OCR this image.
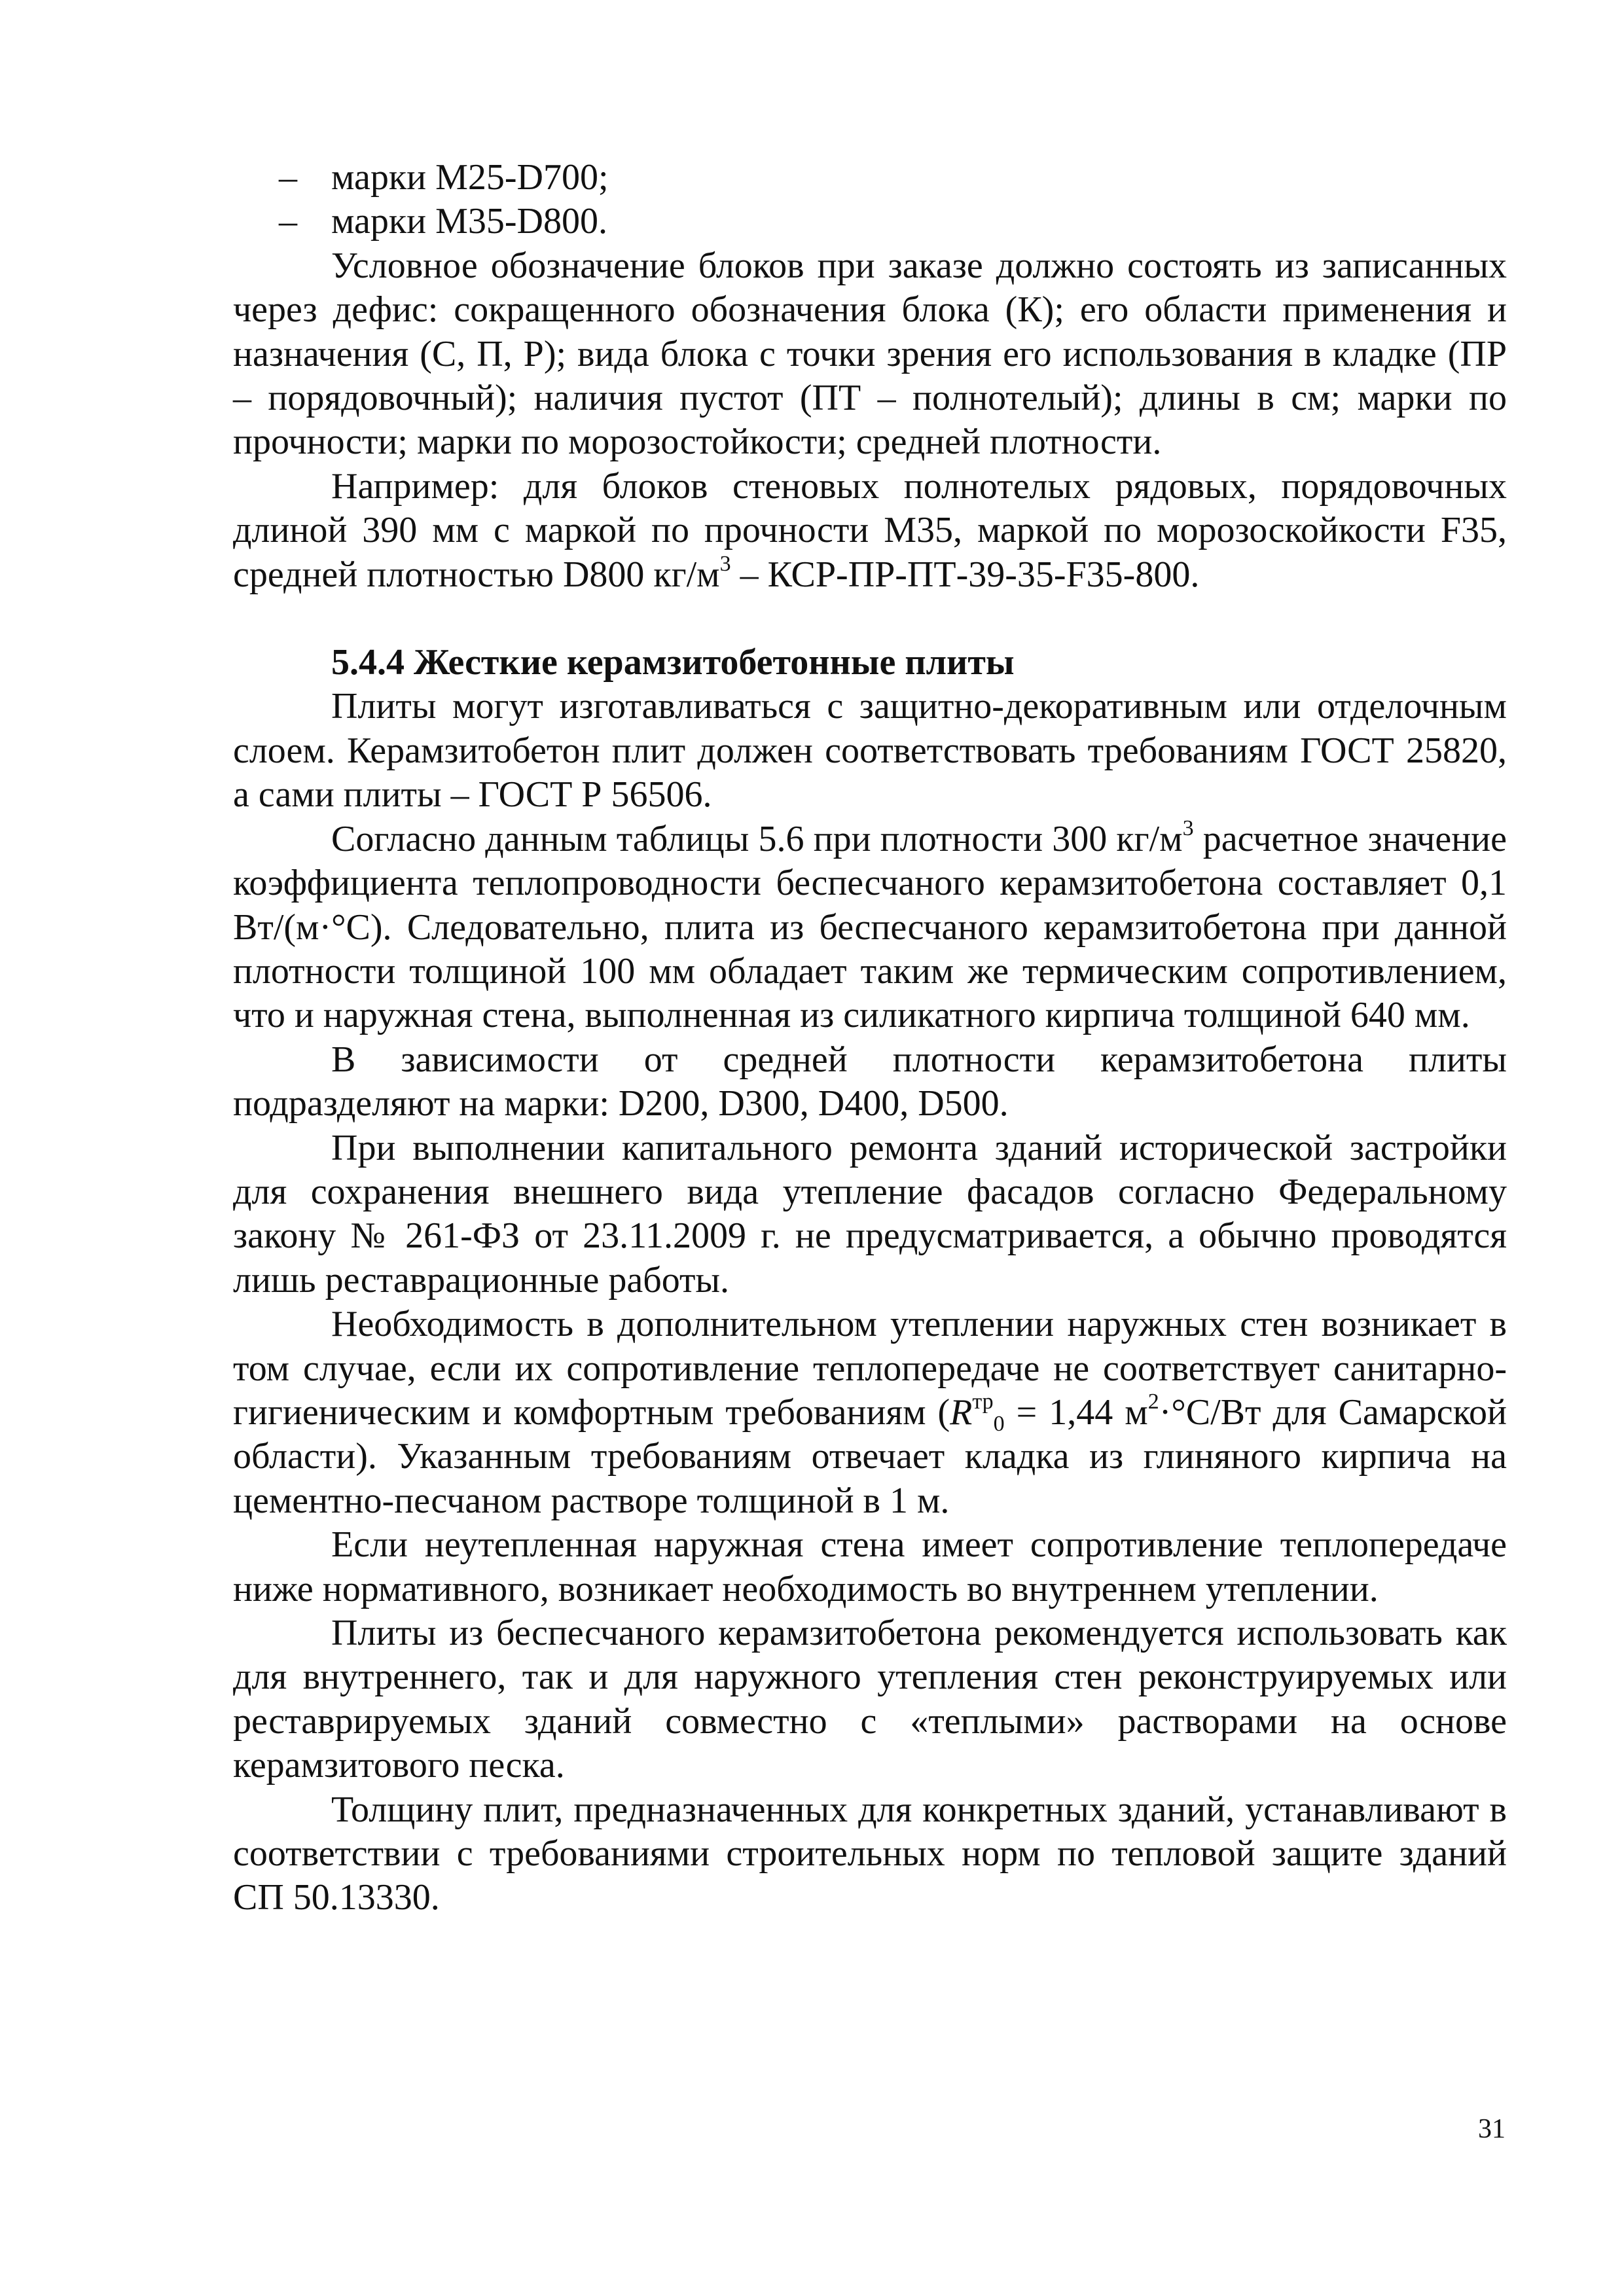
– марки М25-D700;

– марки М35-D800.

Условное обозначение блоков при заказе должно состоять из записанных через дефис: сокращенного обозначения блока (К); его области применения и назначения (С, П, Р); вида блока с точки зрения его использования в кладке (ПР – порядовочный); наличия пустот (ПТ – полнотелый); длины в см; марки по прочности; марки по морозостойкости; средней плотности.

Например: для блоков стеновых полнотелых рядовых, порядовочных длиной 390 мм с маркой по прочности М35, маркой по морозоскойкости F35, средней плотностью D800 $кг/м^3 - КСР-ПР-ПТ-39-35-F35-800$.

5.4.4 Жесткие керамзитобетонные плиты

Плиты могут изготавливаться с защитно-декоративным или отделочным слоем. Керамзитобетон плит должен соответствовать требованиям ГОСТ 25820, а сами плиты – ГОСТ Р 56506.

Согласно данным таблицы 5.6 при плотности 300 $кг/м^3$ расчетное значение коэффициента теплопроводности беспесчаного керамзитобетона составляет 0,1 Вт/(м·°С). Следовательно, плита из беспесчаного керамзитобетона при данной плотности толщиной 100 мм обладает таким же термическим сопротивлением, что и наружная стена, выполненная из силикатного кирпича толщиной 640 мм.

В зависимости от средней плотности керамзитобетона плиты подразделяют на марки: D200, D300, D400, D500.

При выполнении капитального ремонта зданий исторической застройки для сохранения внешнего вида утепление фасадов согласно Федеральному закону № 261-ФЗ от 23.11.2009 г. не предусматривается, а обычно проводятся лишь реставрационные работы.

Необходимость в дополнительном утеплении наружных стен возникает в том случае, если их сопротивление теплопередаче не соответствует санитарно-гигиеническим и комфортным требованиям ($R^{тр}_0 = 1,44$ $м^2\cdot^\circ С/Вт$ для Самарской области). Указанным требованиям отвечает кладка из глиняного кирпича на цементно-песчаном растворе толщиной в 1 м.

Если неутепленная наружная стена имеет сопротивление теплопередаче ниже нормативного, возникает необходимость во внутреннем утеплении.

Плиты из беспесчаного керамзитобетона рекомендуется использовать как для внутреннего, так и для наружного утепления стен реконструируемых или реставрируемых зданий совместно с «теплыми» растворами на основе керамзитового песка.

Толщину плит, предназначенных для конкретных зданий, устанавливают в соответствии с требованиями строительных норм по тепловой защите зданий СП 50.13330.

31
